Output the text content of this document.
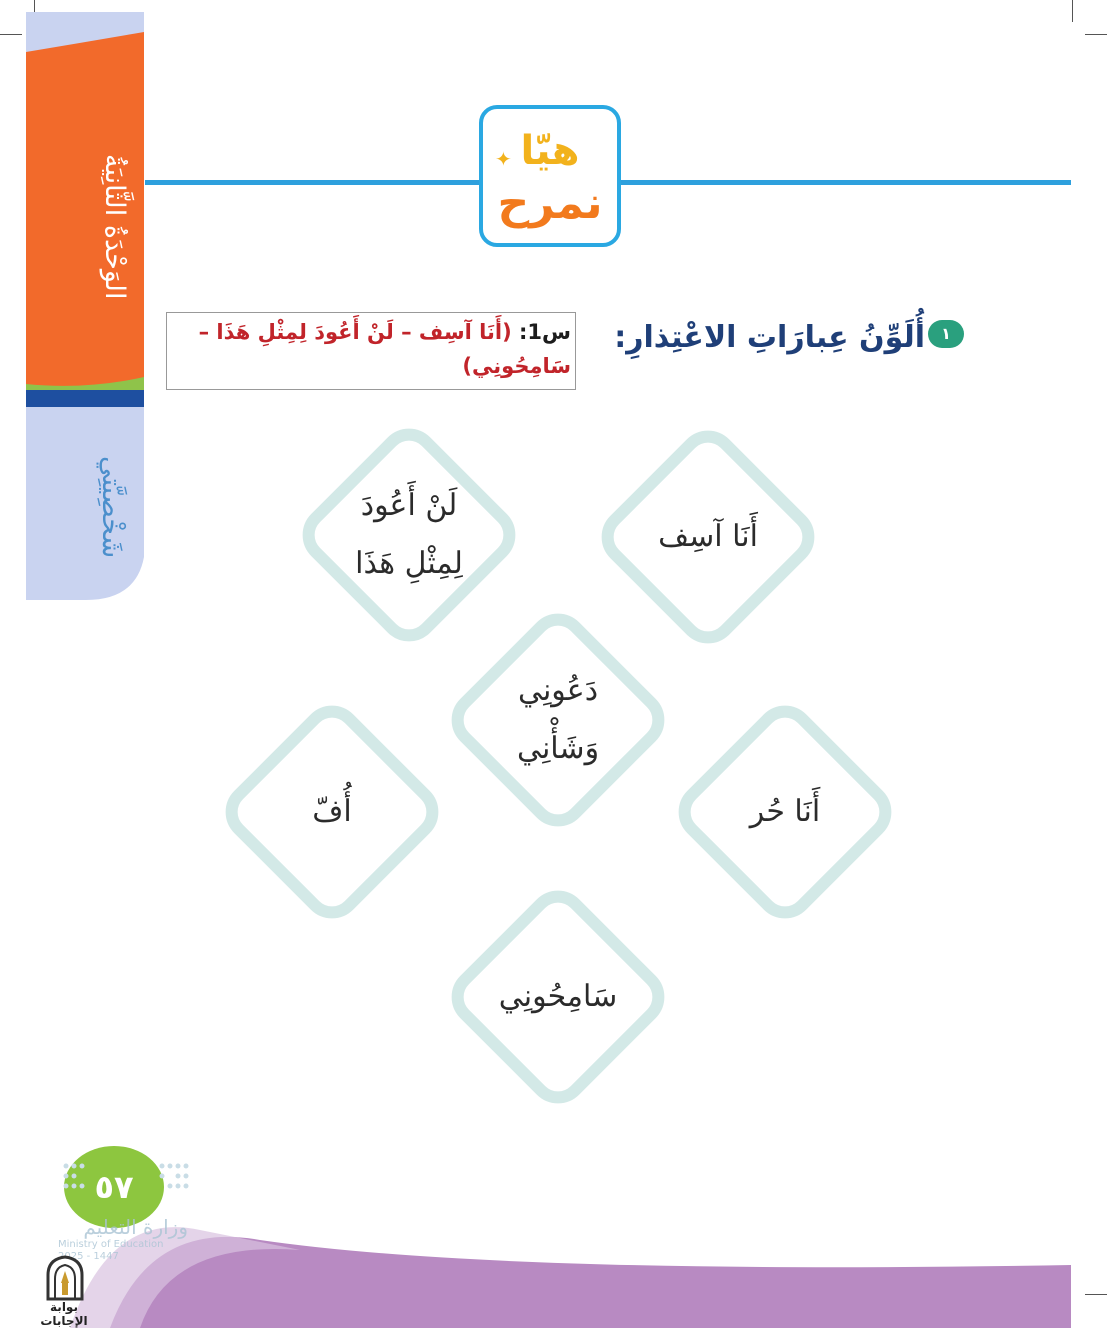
الوَحْدَةُ الثَّانِيَةُ
شَخْصِيَّتِي
✦ هيّا
نمرح
١
أُلَوِّنُ عِبارَاتِ الاعْتِذارِ:
س1: (أَنَا آسِف – لَنْ أَعُودَ لِمِثْلِ هَذَا – سَامِحُونِي)
أَنَا آسِف
لَنْ أَعُودَ
لِمِثْلِ هَذَا
دَعُونِي
وَشَأْنِي
أَنَا حُر
أُفّ
سَامِحُونِي
٥٧
وزارة التعليم
Ministry of Education
2025 - 1447
بوابة الإجابات
